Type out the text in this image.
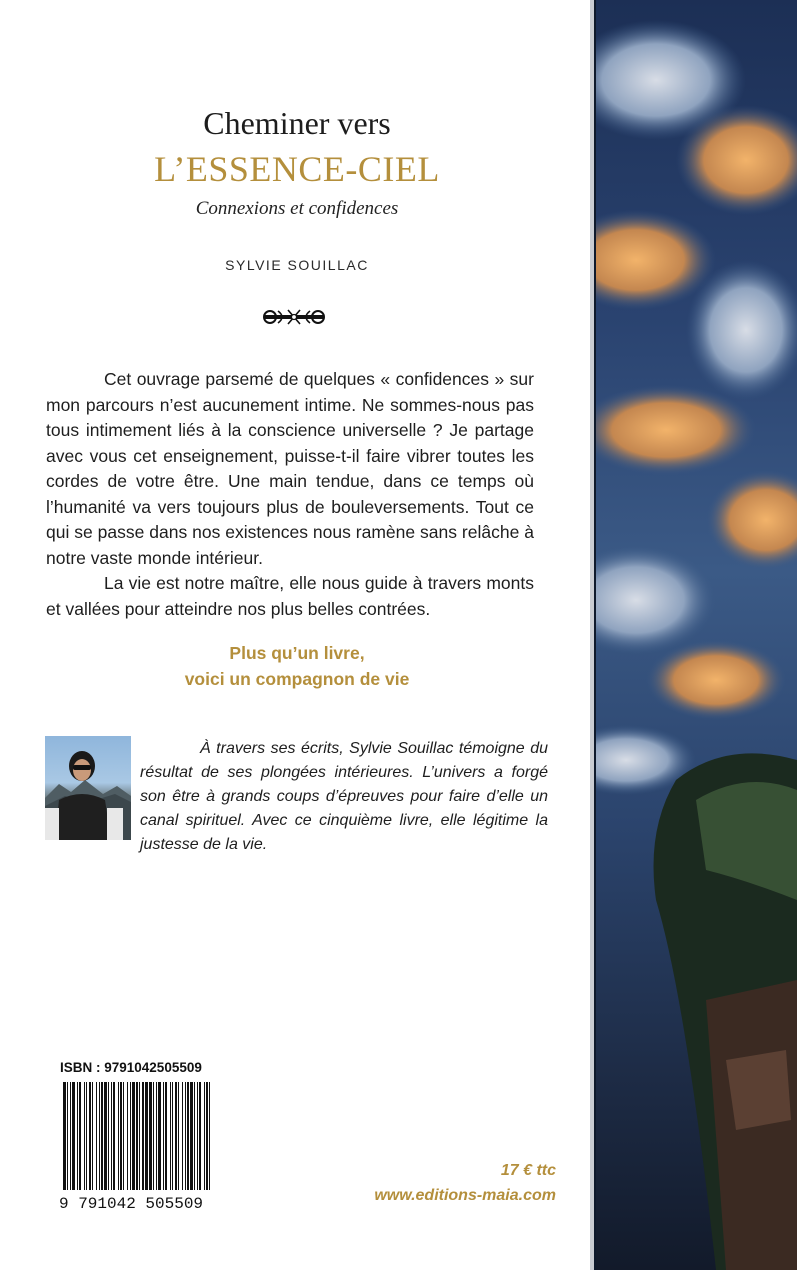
Cheminer vers
L’ESSENCE-CIEL
Connexions et confidences
SYLVIE SOUILLAC

Cet ouvrage parsemé de quelques « confidences » sur mon parcours n’est aucunement intime. Ne sommes-nous pas tous intimement liés à la conscience universelle ? Je partage avec vous cet enseignement, puisse-t-il faire vibrer toutes les cordes de votre être. Une main tendue, dans ce temps où l’humanité va vers toujours plus de bouleversements. Tout ce qui se passe dans nos existences nous ramène sans relâche à notre vaste monde intérieur.

La vie est notre maître, elle nous guide à travers monts et vallées pour atteindre nos plus belles contrées.

Plus qu’un livre,
voici un compagnon de vie

À travers ses écrits, Sylvie Souillac témoigne du résultat de ses plongées intérieures. L’univers a forgé son être à grands coups d’épreuves pour faire d’elle un canal spirituel. Avec ce cinquième livre, elle légitime la justesse de la vie.

ISBN : 9791042505509
9 791042 505509
17 € ttc
www.editions-maia.com
